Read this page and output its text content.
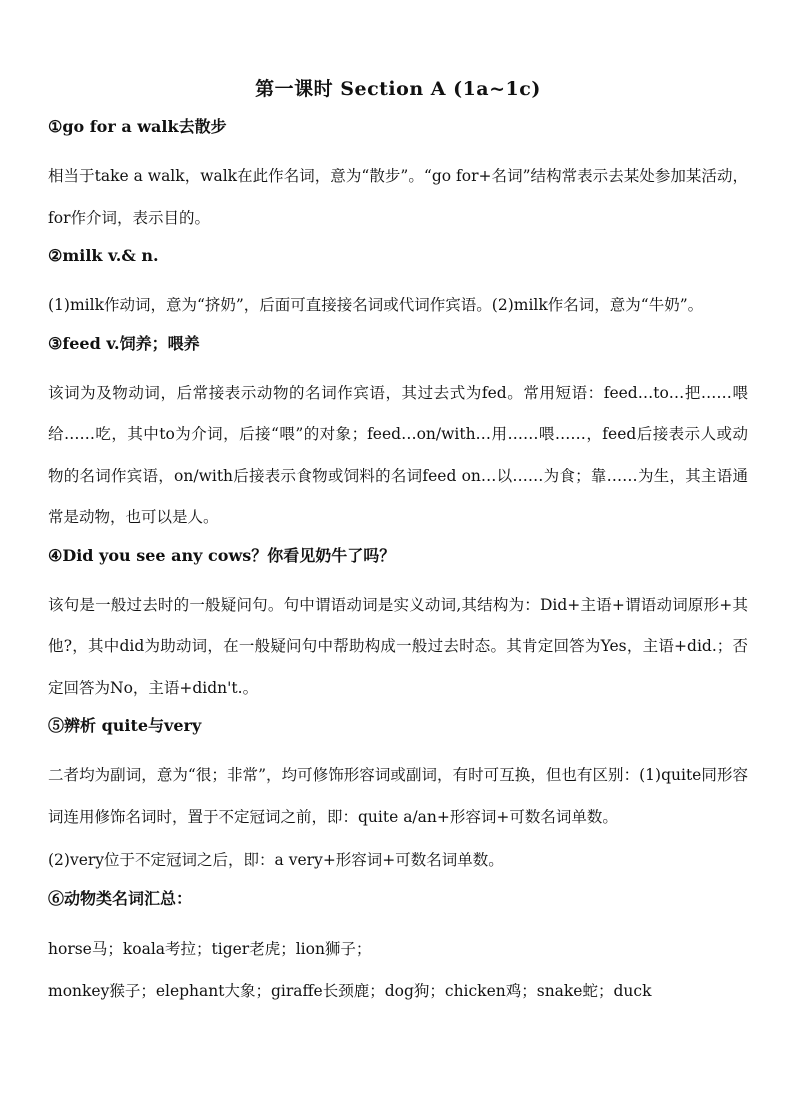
第一课时 Section A (1a~1c)
①go for a walk去散步
相当于take a walk，walk在此作名词，意为“散步”。“go for+名词”结构常表示去某处参加某活动，for作介词，表示目的。
②milk v.& n.
(1)milk作动词，意为“挤奶”，后面可直接接名词或代词作宾语。(2)milk作名词，意为“牛奶”。
③feed v.饲养；喂养
该词为及物动词，后常接表示动物的名词作宾语，其过去式为fed。常用短语：feed…to…把……喂给……吃，其中to为介词，后接“喂”的对象；feed…on/with…用……喂……，feed后接表示人或动物的名词作宾语，on/with后接表示食物或饲料的名词feed on…以……为食；靠……为生，其主语通常是动物，也可以是人。
④Did you see any cows？你看见奶牛了吗？
该句是一般过去时的一般疑问句。句中谓语动词是实义动词,其结构为：Did+主语+谓语动词原形+其他?，其中did为助动词，在一般疑问句中帮助构成一般过去时态。其肯定回答为Yes，主语+did.；否定回答为No，主语+didn't.。
⑤辨析 quite与very
二者均为副词，意为“很；非常”，均可修饰形容词或副词，有时可互换，但也有区别：(1)quite同形容词连用修饰名词时，置于不定冠词之前，即：quite a/an+形容词+可数名词单数。
(2)very位于不定冠词之后，即：a very+形容词+可数名词单数。
⑥动物类名词汇总：
horse马；koala考拉；tiger老虎；lion狮子；
monkey猴子；elephant大象；giraffe长颈鹿；dog狗；chicken鸡；snake蛇；duck
